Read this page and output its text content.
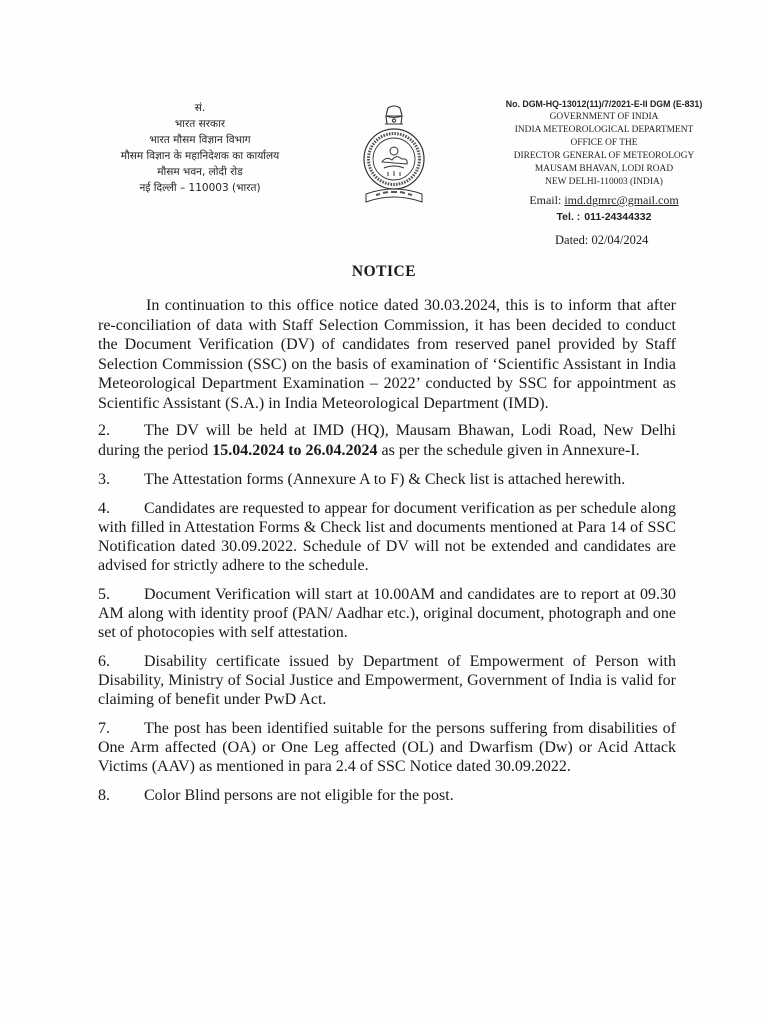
सं.
भारत सरकार
भारत मौसम विज्ञान विभाग
मौसम विज्ञान के महानिदेशक का कार्यालय
मौसम भवन, लोदी रोड
नई दिल्ली – 110003 (भारत)
No. DGM-HQ-13012(11)/7/2021-E-II DGM (E-831)
GOVERNMENT OF INDIA
INDIA METEOROLOGICAL DEPARTMENT
OFFICE OF THE
DIRECTOR GENERAL OF METEOROLOGY
MAUSAM BHAVAN, LODI ROAD
NEW DELHI-110003 (INDIA)
Email: imd.dgmrc@gmail.com
Tel. : 011-24344332
Dated: 02/04/2024
NOTICE

In continuation to this office notice dated 30.03.2024, this is to inform that after re-conciliation of data with Staff Selection Commission, it has been decided to conduct the Document Verification (DV) of candidates from reserved panel provided by Staff Selection Commission (SSC) on the basis of examination of ‘Scientific Assistant in India Meteorological Department Examination – 2022’ conducted by SSC for appointment as Scientific Assistant (S.A.) in India Meteorological Department (IMD).

2. The DV will be held at IMD (HQ), Mausam Bhawan, Lodi Road, New Delhi during the period 15.04.2024 to 26.04.2024 as per the schedule given in Annexure-I.

3. The Attestation forms (Annexure A to F) & Check list is attached herewith.

4. Candidates are requested to appear for document verification as per schedule along with filled in Attestation Forms & Check list and documents mentioned at Para 14 of SSC Notification dated 30.09.2022. Schedule of DV will not be extended and candidates are advised for strictly adhere to the schedule.

5. Document Verification will start at 10.00AM and candidates are to report at 09.30 AM along with identity proof (PAN/ Aadhar etc.), original document, photograph and one set of photocopies with self attestation.

6. Disability certificate issued by Department of Empowerment of Person with Disability, Ministry of Social Justice and Empowerment, Government of India is valid for claiming of benefit under PwD Act.

7. The post has been identified suitable for the persons suffering from disabilities of One Arm affected (OA) or One Leg affected (OL) and Dwarfism (Dw) or Acid Attack Victims (AAV) as mentioned in para 2.4 of SSC Notice dated 30.09.2022.

8. Color Blind persons are not eligible for the post.
